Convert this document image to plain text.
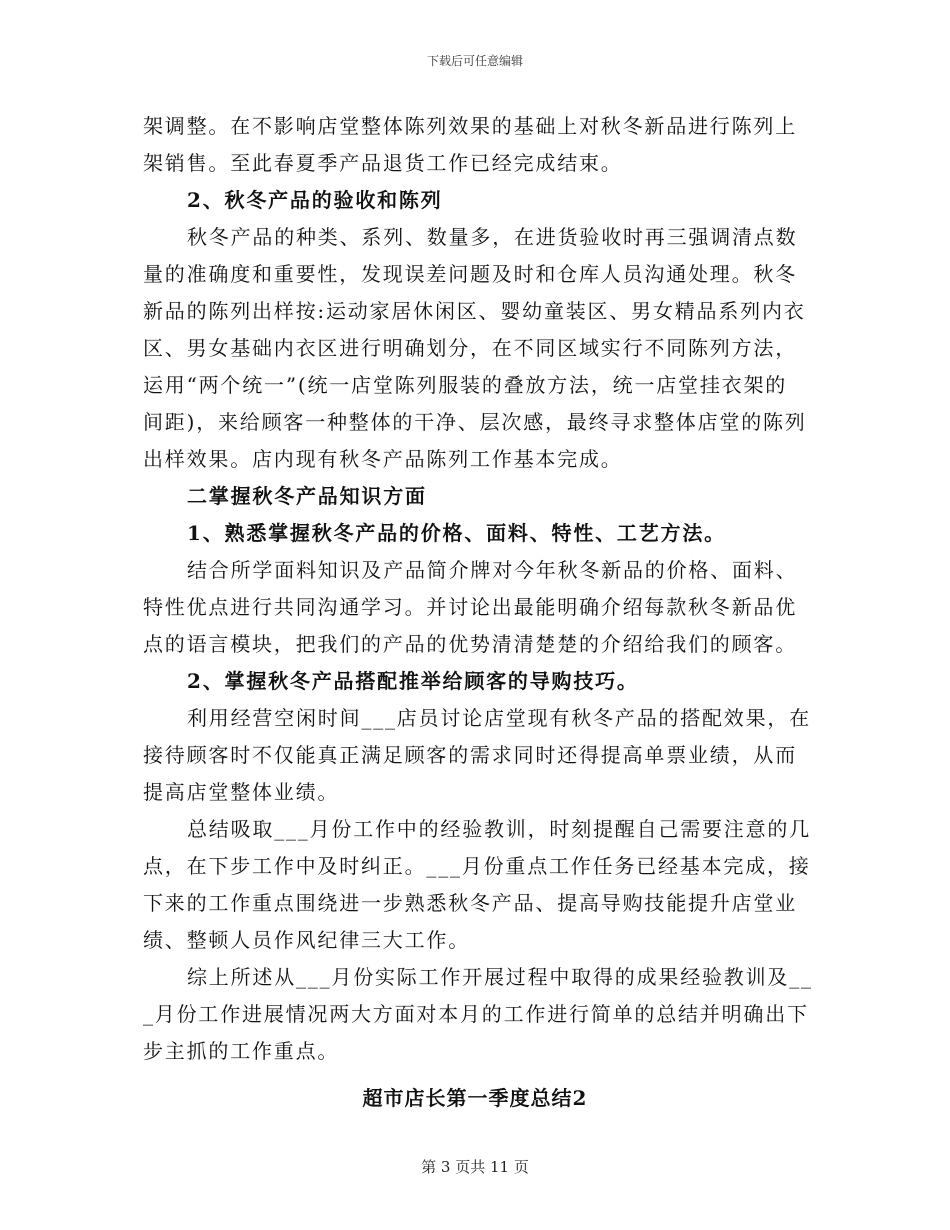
下载后可任意编辑
架调整。在不影响店堂整体陈列效果的基础上对秋冬新品进行陈列上
架销售。至此春夏季产品退货工作已经完成结束。
2、秋冬产品的验收和陈列
秋冬产品的种类、系列、数量多，在进货验收时再三强调清点数
量的准确度和重要性，发现误差问题及时和仓库人员沟通处理。秋冬
新品的陈列出样按:运动家居休闲区、婴幼童装区、男女精品系列内衣
区、男女基础内衣区进行明确划分，在不同区域实行不同陈列方法，
运用“两个统一”(统一店堂陈列服装的叠放方法，统一店堂挂衣架的
间距)，来给顾客一种整体的干净、层次感，最终寻求整体店堂的陈列
出样效果。店内现有秋冬产品陈列工作基本完成。
二掌握秋冬产品知识方面
1、熟悉掌握秋冬产品的价格、面料、特性、工艺方法。
结合所学面料知识及产品简介牌对今年秋冬新品的价格、面料、
特性优点进行共同沟通学习。并讨论出最能明确介绍每款秋冬新品优
点的语言模块，把我们的产品的优势清清楚楚的介绍给我们的顾客。
2、掌握秋冬产品搭配推举给顾客的导购技巧。
利用经营空闲时间___店员讨论店堂现有秋冬产品的搭配效果，在
接待顾客时不仅能真正满足顾客的需求同时还得提高单票业绩，从而
提高店堂整体业绩。
总结吸取___月份工作中的经验教训，时刻提醒自己需要注意的几
点，在下步工作中及时纠正。___月份重点工作任务已经基本完成，接
下来的工作重点围绕进一步熟悉秋冬产品、提高导购技能提升店堂业
绩、整顿人员作风纪律三大工作。
综上所述从___月份实际工作开展过程中取得的成果经验教训及__
_月份工作进展情况两大方面对本月的工作进行简单的总结并明确出下
步主抓的工作重点。
超市店长第一季度总结2
第 3 页共 11 页
